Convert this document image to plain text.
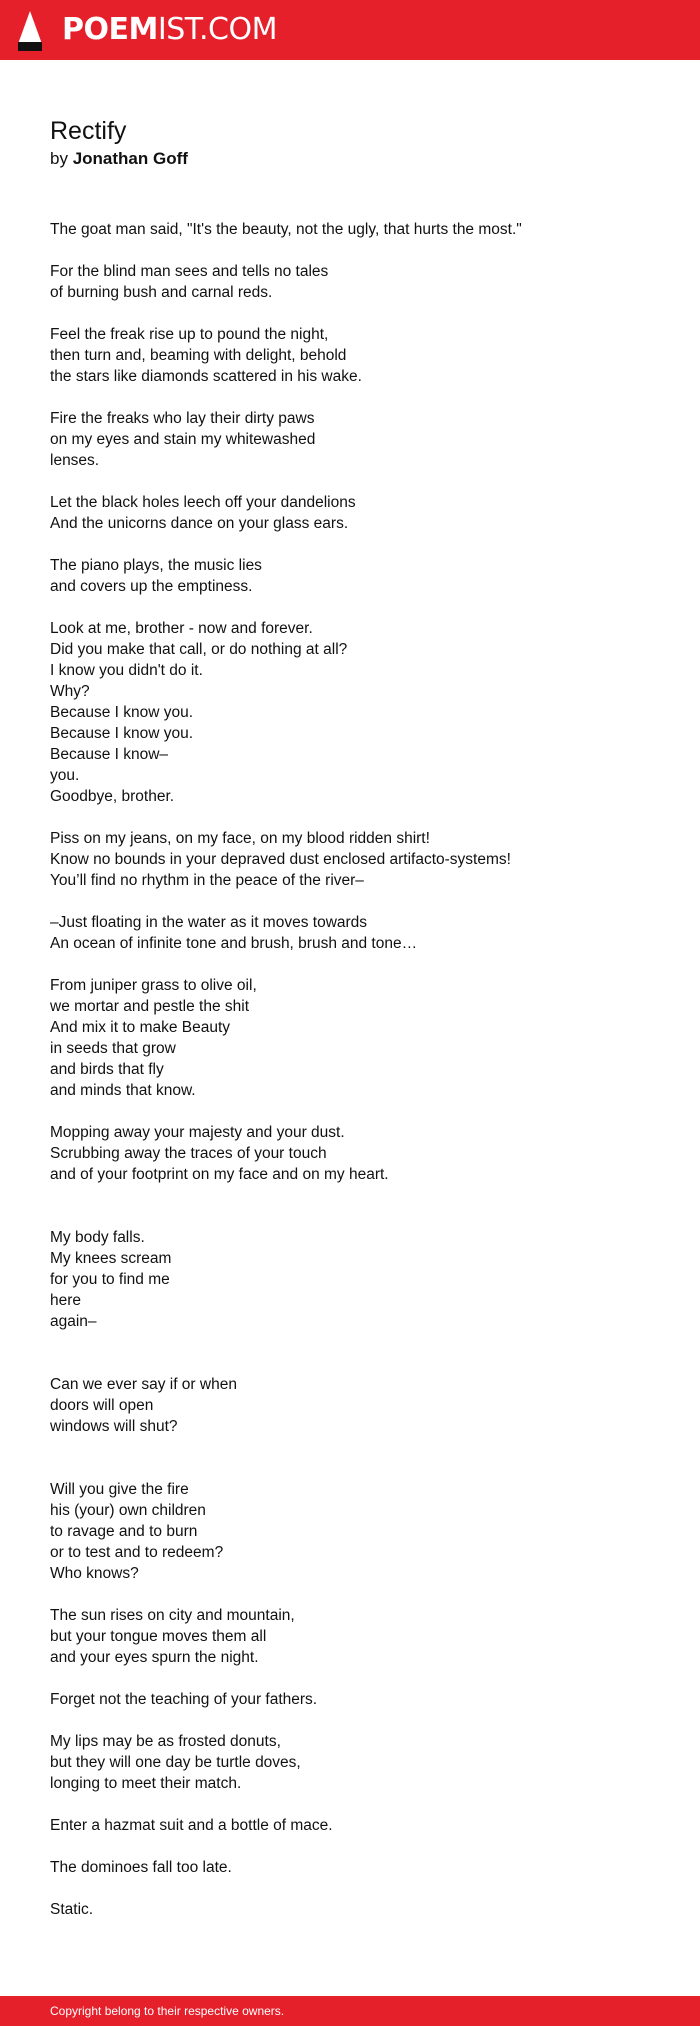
POEMIST.COM
Rectify
by Jonathan Goff
The goat man said, "It's the beauty, not the ugly, that hurts the most."
For the blind man sees and tells no tales
of burning bush and carnal reds.
Feel the freak rise up to pound the night,
then turn and, beaming with delight, behold
the stars like diamonds scattered in his wake.
Fire the freaks who lay their dirty paws
on my eyes and stain my whitewashed
lenses.
Let the black holes leech off your dandelions
And the unicorns dance on your glass ears.
The piano plays, the music lies
and covers up the emptiness.
Look at me, brother - now and forever.
Did you make that call, or do nothing at all?
I know you didn't do it.
Why?
Because I know you.
Because I know you.
Because I know–
you.
Goodbye, brother.
Piss on my jeans, on my face, on my blood ridden shirt!
Know no bounds in your depraved dust enclosed artifacto-systems!
You’ll find no rhythm in the peace of the river–
–Just floating in the water as it moves towards
An ocean of infinite tone and brush, brush and tone…
From juniper grass to olive oil,
we mortar and pestle the shit
And mix it to make Beauty
in seeds that grow
and birds that fly
and minds that know.
Mopping away your majesty and your dust.
Scrubbing away the traces of your touch
and of your footprint on my face and on my heart.
My body falls.
My knees scream
for you to find me
here
again–
Can we ever say if or when
doors will open
windows will shut?
Will you give the fire
his (your) own children
to ravage and to burn
or to test and to redeem?
Who knows?
The sun rises on city and mountain,
but your tongue moves them all
and your eyes spurn the night.
Forget not the teaching of your fathers.
My lips may be as frosted donuts,
but they will one day be turtle doves,
longing to meet their match.
Enter a hazmat suit and a bottle of mace.
The dominoes fall too late.
Static.
Copyright belong to their respective owners.
